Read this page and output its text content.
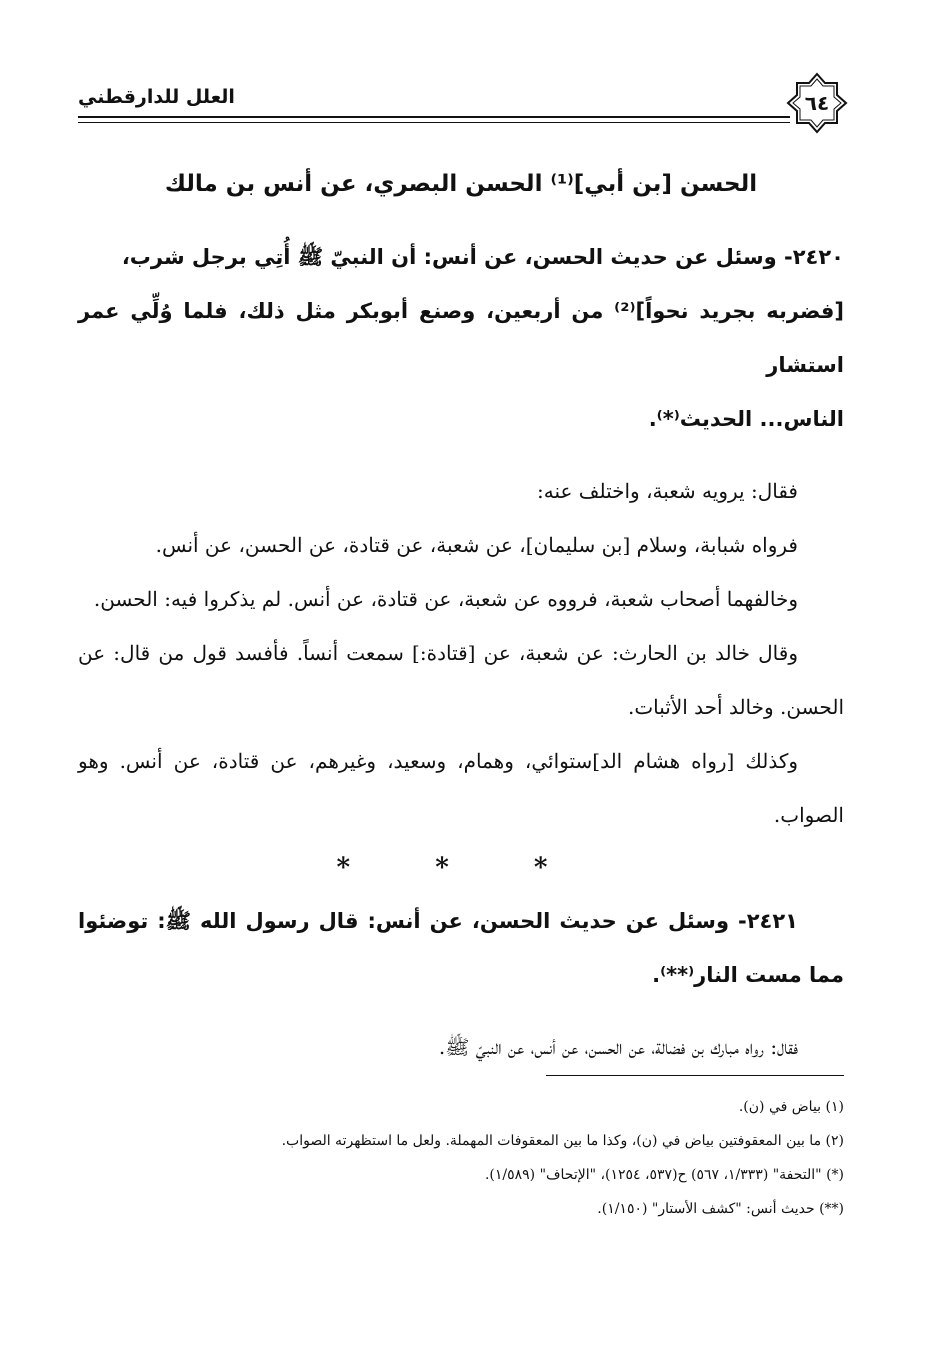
٦٤
العلل للدارقطني
الحسن [بن أبي]⁽¹⁾ الحسن البصري، عن أنس بن مالك

٢٤٢٠- وسئل عن حديث الحسن، عن أنس: أن النبيّ ﷺ أُتِي برجل شرب،

[فضربه بجريد نحواً]⁽²⁾ من أربعين، وصنع أبوبكر مثل ذلك، فلما وُلِّي عمر استشار

الناس... الحديث⁽*⁾.

فقال: يرويه شعبة، واختلف عنه:

فرواه شبابة، وسلام [بن سليمان]، عن شعبة، عن قتادة، عن الحسن، عن أنس.

وخالفهما أصحاب شعبة، فرووه عن شعبة، عن قتادة، عن أنس. لم يذكروا فيه: الحسن.

وقال خالد بن الحارث: عن شعبة، عن [قتادة:] سمعت أنساً. فأفسد قول من قال: عن الحسن. وخالد أحد الأثبات.

وكذلك [رواه هشام الد]ستوائي، وهمام، وسعيد، وغيرهم، عن قتادة، عن أنس. وهو الصواب.

* * *

٢٤٢١- وسئل عن حديث الحسن، عن أنس: قال رسول الله ﷺ: توضئوا مما مست النار⁽**⁾.

فقال: رواه مبارك بن فضالة، عن الحسن، عن أنس، عن النبيّ ﷺ.

(١) بياض في (ن).

(٢) ما بين المعقوفتين بياض في (ن)، وكذا ما بين المعقوفات المهملة. ولعل ما استظهرته الصواب.

(*) "التحفة" (١/٣٣٣، ٥٦٧) ح(٥٣٧، ١٢٥٤)، "الإتحاف" (١/٥٨٩).

(**) حديث أنس: "كشف الأستار" (١/١٥٠).
